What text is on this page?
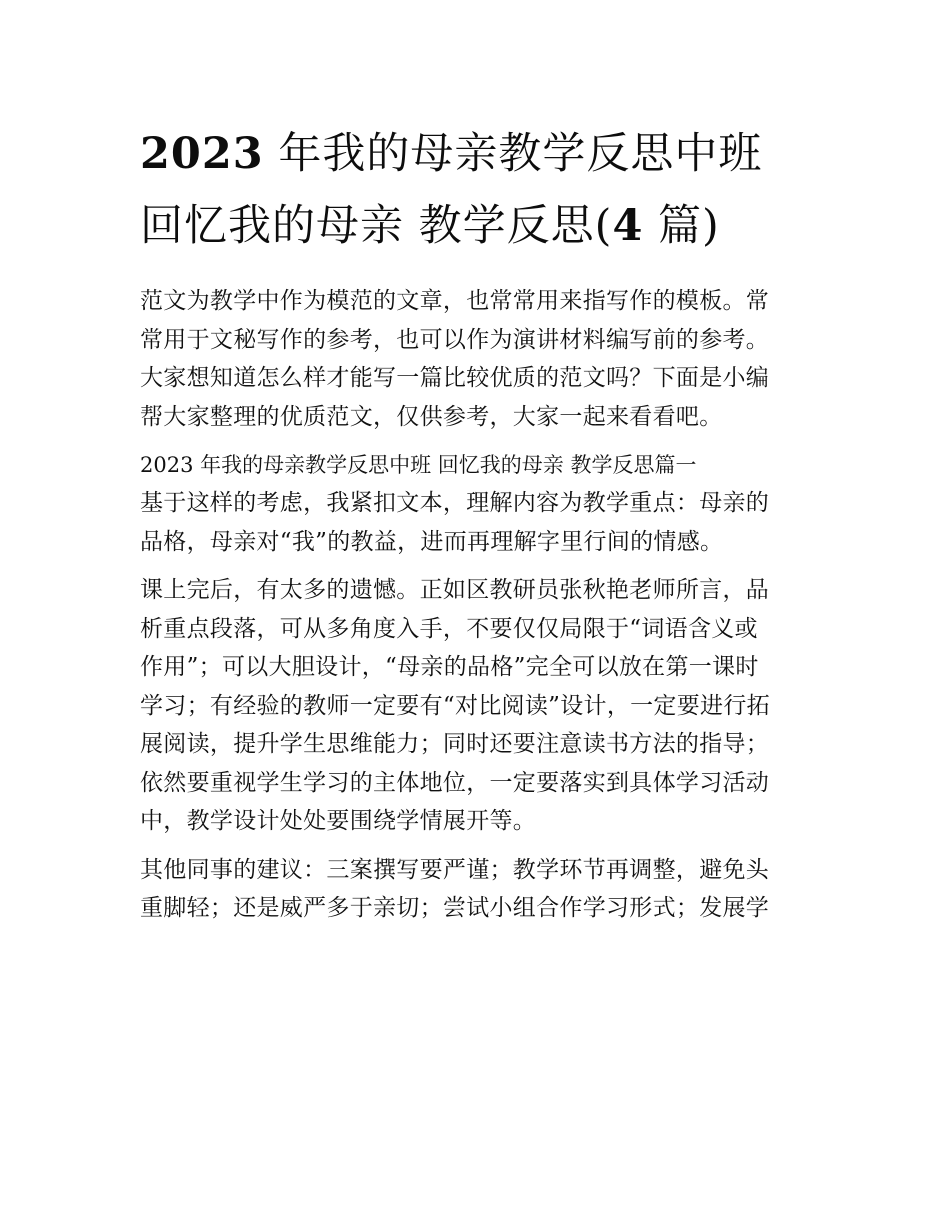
2023 年我的母亲教学反思中班
回忆我的母亲 教学反思(4 篇)
范文为教学中作为模范的文章，也常常用来指写作的模板。常
常用于文秘写作的参考，也可以作为演讲材料编写前的参考。
大家想知道怎么样才能写一篇比较优质的范文吗？下面是小编
帮大家整理的优质范文，仅供参考，大家一起来看看吧。
2023 年我的母亲教学反思中班 回忆我的母亲 教学反思篇一
基于这样的考虑，我紧扣文本，理解内容为教学重点：母亲的
品格，母亲对“我”的教益，进而再理解字里行间的情感。
课上完后，有太多的遗憾。正如区教研员张秋艳老师所言，品
析重点段落，可从多角度入手，不要仅仅局限于“词语含义或
作用”；可以大胆设计，“母亲的品格”完全可以放在第一课时
学习；有经验的教师一定要有“对比阅读”设计，一定要进行拓
展阅读，提升学生思维能力；同时还要注意读书方法的指导；
依然要重视学生学习的主体地位，一定要落实到具体学习活动
中，教学设计处处要围绕学情展开等。
其他同事的建议：三案撰写要严谨；教学环节再调整，避免头
重脚轻；还是威严多于亲切；尝试小组合作学习形式；发展学
